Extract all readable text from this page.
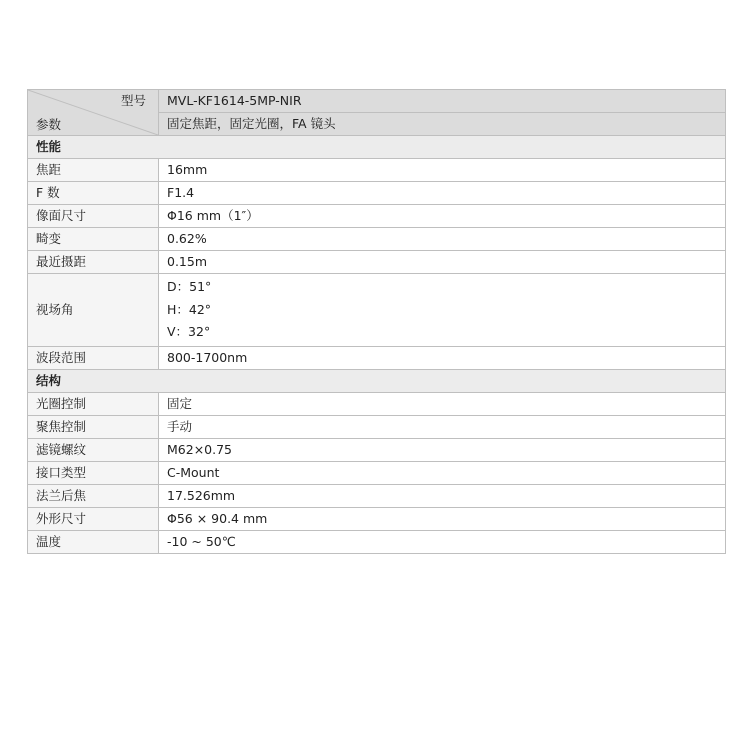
型号
参数	MVL-KF1614-5MP-NIR
	固定焦距，固定光圈，FA 镜头
性能	
焦距	16mm
F 数	F1.4
像面尺寸	Φ16 mm（1″）
畸变	0.62%
最近摄距	0.15m
视场角	D：51°
H：42°
V：32°

波段范围	800-1700nm
结构	
光圈控制	固定
聚焦控制	手动
滤镜螺纹	M62×0.75
接口类型	C-Mount
法兰后焦	17.526mm
外形尺寸	Φ56 × 90.4 mm
温度	-10 ~ 50℃
